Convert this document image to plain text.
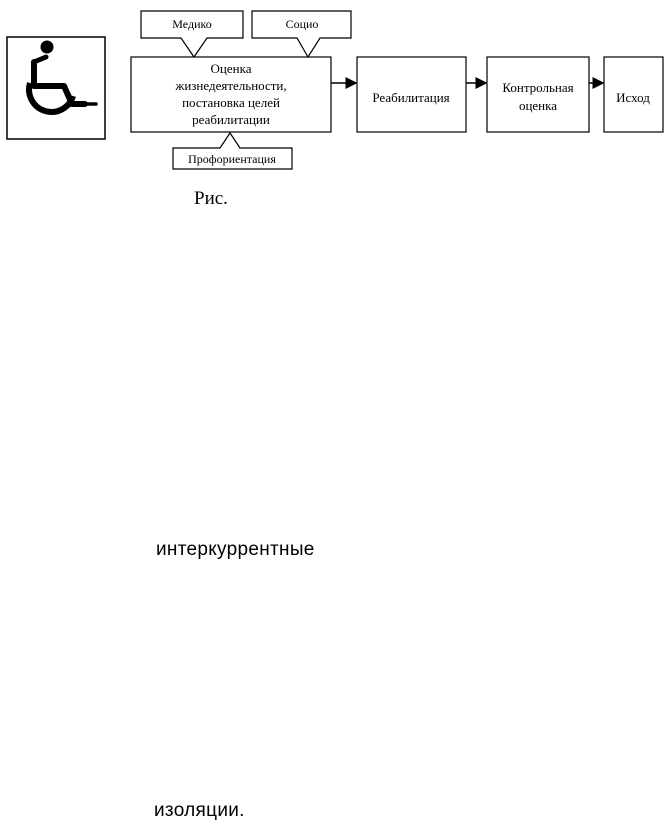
Медико	Социо
Профориентация
Оценка
жизнедеятельности,
постановка целей
реабилитации
Реабилитация
Контрольная
оценка
Исход
Рис.
интеркуррентные
изоляции.
